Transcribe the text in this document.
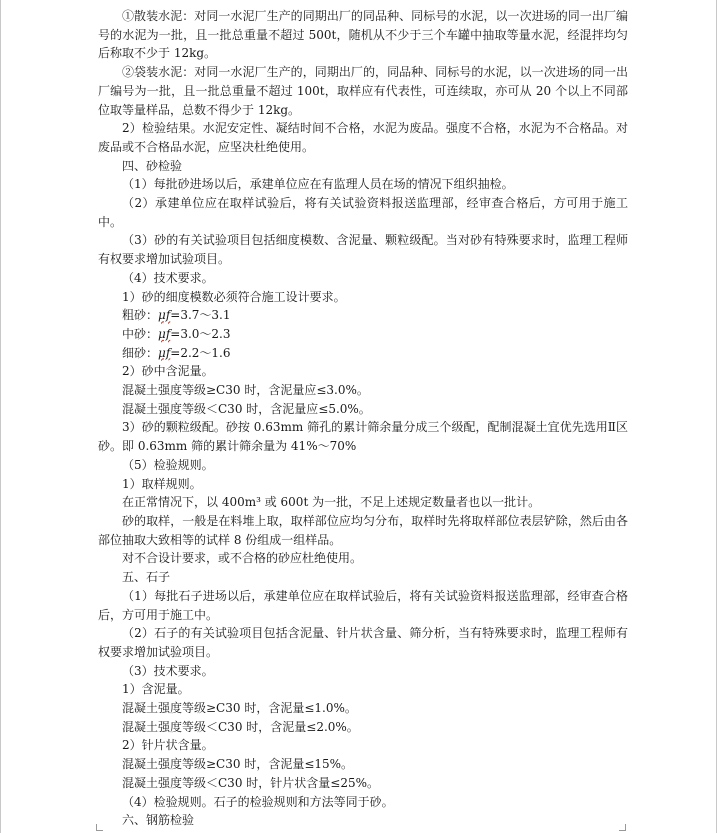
①散装水泥：对同一水泥厂生产的同期出厂的同品种、同标号的水泥，以一次进场的同一出厂编号的水泥为一批，且一批总重量不超过 500t，随机从不少于三个车罐中抽取等量水泥，经混拌均匀后称取不少于 12kg。

②袋装水泥：对同一水泥厂生产的，同期出厂的，同品种、同标号的水泥，以一次进场的同一出厂编号为一批，且一批总重量不超过 100t，取样应有代表性，可连续取，亦可从 20 个以上不同部位取等量样品，总数不得少于 12kg。

2）检验结果。水泥安定性、凝结时间不合格，水泥为废品。强度不合格，水泥为不合格品。对废品或不合格品水泥，应坚决杜绝使用。

四、砂检验

（1）每批砂进场以后，承建单位应在有监理人员在场的情况下组织抽检。

（2）承建单位应在取样试验后，将有关试验资料报送监理部，经审查合格后，方可用于施工中。

（3）砂的有关试验项目包括细度模数、含泥量、颗粒级配。当对砂有特殊要求时，监理工程师有权要求增加试验项目。

（4）技术要求。

1）砂的细度模数必须符合施工设计要求。

粗砂：μf=3.7～3.1

中砂：μf=3.0～2.3

细砂：μf=2.2～1.6

2）砂中含泥量。

混凝土强度等级≥C30 时，含泥量应≤3.0%。

混凝土强度等级＜C30 时，含泥量应≤5.0%。

3）砂的颗粒级配。砂按 0.63mm 筛孔的累计筛余量分成三个级配，配制混凝土宜优先选用Ⅱ区砂。即 0.63mm 筛的累计筛余量为 41%～70%

（5）检验规则。

1）取样规则。

在正常情况下，以 400m³ 或 600t 为一批，不足上述规定数量者也以一批计。

砂的取样，一般是在料堆上取，取样部位应均匀分布，取样时先将取样部位表层铲除，然后由各部位抽取大致相等的试样 8 份组成一组样品。

对不合设计要求，或不合格的砂应杜绝使用。

五、石子

（1）每批石子进场以后，承建单位应在取样试验后，将有关试验资料报送监理部，经审查合格后，方可用于施工中。

（2）石子的有关试验项目包括含泥量、针片状含量、筛分析，当有特殊要求时，监理工程师有权要求增加试验项目。

（3）技术要求。

1）含泥量。

混凝土强度等级≥C30 时，含泥量≤1.0%。

混凝土强度等级＜C30 时，含泥量≤2.0%。

2）针片状含量。

混凝土强度等级≥C30 时，含泥量≤15%。

混凝土强度等级＜C30 时，针片状含量≤25%。

（4）检验规则。石子的检验规则和方法等同于砂。

六、钢筋检验
